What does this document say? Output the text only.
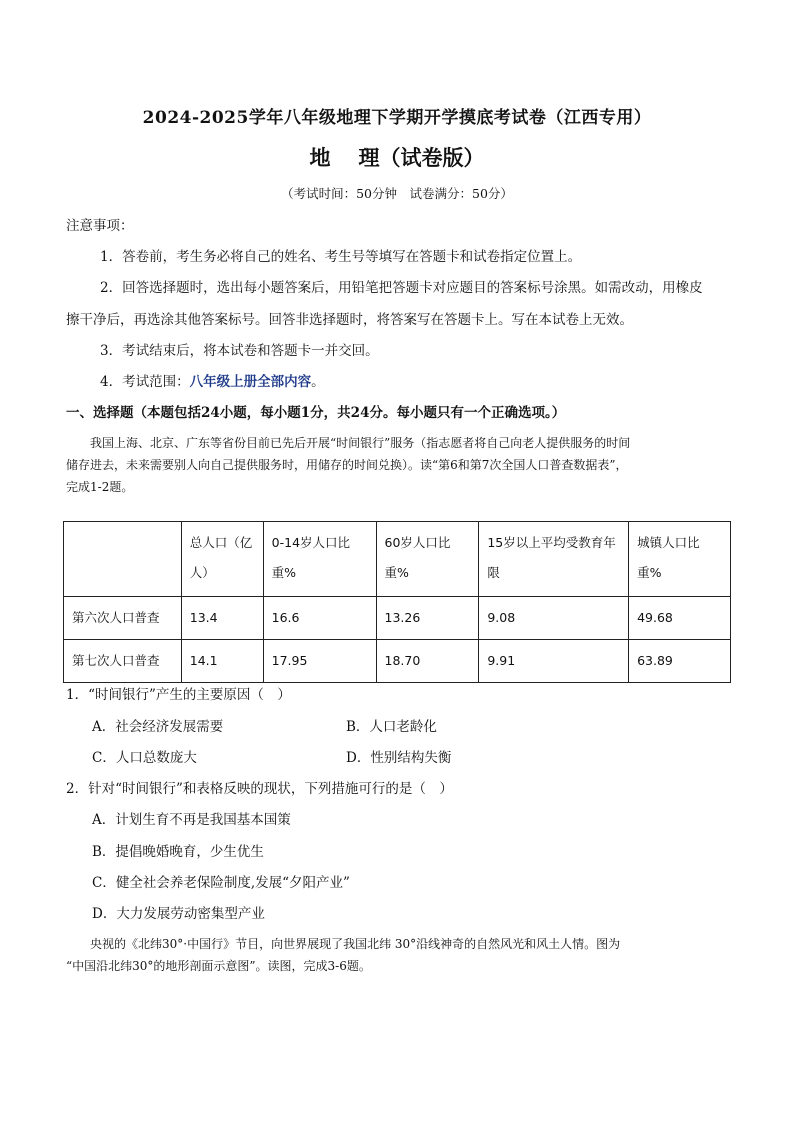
2024-2025学年八年级地理下学期开学摸底考试卷（江西专用）
地 理（试卷版）
（考试时间：50分钟　试卷满分：50分）
注意事项：
1．答卷前，考生务必将自己的姓名、考生号等填写在答题卡和试卷指定位置上。
2．回答选择题时，选出每小题答案后，用铅笔把答题卡对应题目的答案标号涂黑。如需改动，用橡皮
擦干净后，再选涂其他答案标号。回答非选择题时，将答案写在答题卡上。写在本试卷上无效。
3．考试结束后，将本试卷和答题卡一并交回。
4．考试范围：八年级上册全部内容。
一、选择题（本题包括24小题，每小题1分，共24分。每小题只有一个正确选项。）

我国上海、北京、广东等省份目前已先后开展“时间银行”服务（指志愿者将自己向老人提供服务的时间

储存进去，未来需要别人向自己提供服务时，用储存的时间兑换）。读“第6和第7次全国人口普查数据表”，

完成1-2题。

	总人口（亿人）	0-14岁人口比重%	60岁人口比重%	15岁以上平均受教育年限	城镇人口比重%
第六次人口普查	13.4	16.6	13.26	9.08	49.68
第七次人口普查	14.1	17.95	18.70	9.91	63.89
1．“时间银行”产生的主要原因（　）
A．社会经济发展需要	B．人口老龄化
C．人口总数庞大	D．性别结构失衡
2．针对“时间银行”和表格反映的现状，下列措施可行的是（　）
A．计划生育不再是我国基本国策
B．提倡晚婚晚育，少生优生
C．健全社会养老保险制度,发展“夕阳产业”
D．大力发展劳动密集型产业

央视的《北纬30°·中国行》节目，向世界展现了我国北纬 30°沿线神奇的自然风光和风土人情。图为

“中国沿北纬30°的地形剖面示意图”。读图，完成3-6题。
